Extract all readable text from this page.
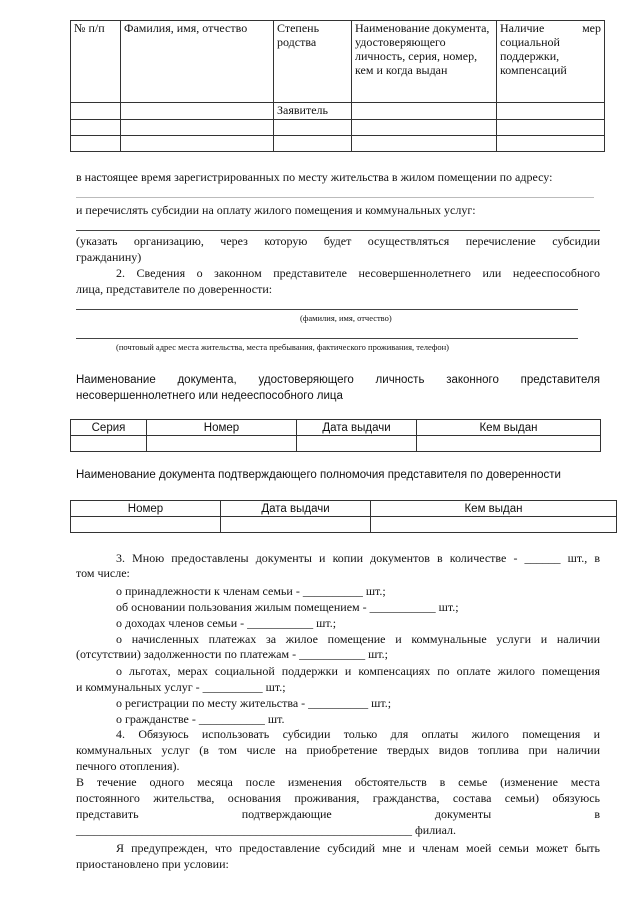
№ п/п	Фамилия, имя, отчество	Степень родства	Наименование документа, удостоверяющего личность, серия, номер, кем и когда выдан	Наличие мер социальной поддержки, компенсаций
		Заявитель		

в настоящее время зарегистрированных по месту жительства в жилом помещении по адресу:
и перечислять субсидии на оплату жилого помещения и коммунальных услуг:
(указать организацию, через которую будет осуществляться перечисление субсидии
гражданину)
2. Сведения о законном представителе несовершеннолетнего или недееспособного
лица, представителе по доверенности:
(фамилия, имя, отчество)
(почтовый адрес места жительства, места пребывания, фактического проживания, телефон)
Наименование документа, удостоверяющего личность законного представителя
несовершеннолетнего или недееспособного лица
Серия	Номер	Дата выдачи	Кем выдан

Наименование документа подтверждающего полномочия представителя по доверенности
Номер	Дата выдачи	Кем выдан

3. Мною предоставлены документы и копии документов в количестве - ______ шт., в
том числе:
о принадлежности к членам семьи - __________ шт.;
об основании пользования жилым помещением - ___________ шт.;
о доходах членов семьи - ___________ шт.;
о начисленных платежах за жилое помещение и коммунальные услуги и наличии
(отсутствии) задолженности по платежам - ___________ шт.;
о льготах, мерах социальной поддержки и компенсациях по оплате жилого помещения
и коммунальных услуг - __________ шт.;
о регистрации по месту жительства - __________ шт.;
о гражданстве - ___________ шт.
4. Обязуюсь использовать субсидии только для оплаты жилого помещения и
коммунальных услуг (в том числе на приобретение твердых видов топлива при наличии
печного отопления).
В течение одного месяца после изменения обстоятельств в семье (изменение места
постоянного жительства, основания проживания, гражданства, состава семьи) обязуюсь
представить	подтверждающие	документы	в
________________________________________________________ филиал.
Я предупрежден, что предоставление субсидий мне и членам моей семьи может быть
приостановлено при условии:
